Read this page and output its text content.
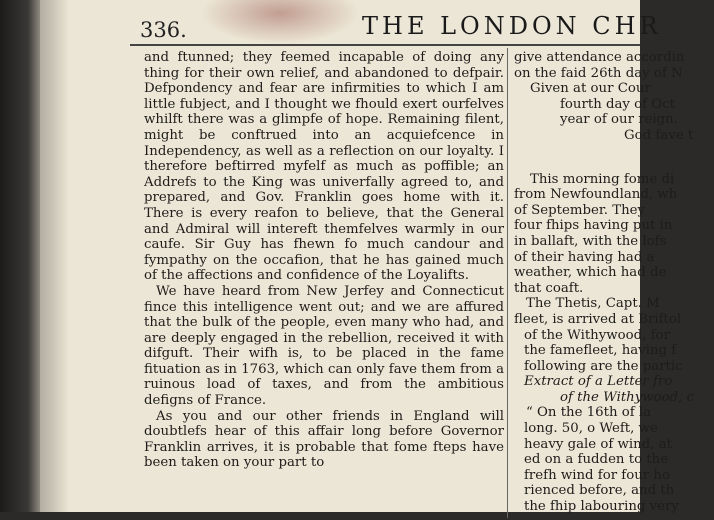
336.	THE LONDON CHR

and ftunned; they feemed incapable of doing any thing for their own relief, and abandoned to defpair. Defpondency and fear are infirmities to which I am little fubject, and I thought we fhould exert ourfelves whilft there was a glimpfe of hope. Remaining filent, might be conftrued into an acquiefcence in Independency, as well as a reflection on our loyalty. I therefore beftirred myfelf as much as poffible; an Addrefs to the King was univerfally agreed to, and prepared, and Gov. Franklin goes home with it. There is every reafon to believe, that the General and Admiral will intereft themfelves warmly in our caufe. Sir Guy has fhewn fo much candour and fympathy on the occafion, that he has gained much of the affections and confidence of the Loyalifts.

We have heard from New Jerfey and Connecticut fince this intelligence went out; and we are affured that the bulk of the people, even many who had, and are deeply engaged in the rebellion, received it with difguft. Their wifh is, to be placed in the fame fituation as in 1763, which can only fave them from a ruinous load of taxes, and from the ambitious defigns of France.

As you and our other friends in England will doubtlefs hear of this affair long before Governor Franklin arrives, it is probable that fome fteps have been taken on your part to

give attendance accordin
on the faid 26th day of N
Given at our Cour
fourth day of Oct
year of our reign.
God fave t
This morning fome di
from Newfoundland, wh
of September. They
four fhips having put in
in ballaft, with the lofs
of their having had a
weather, which had de
that coaft.
The Thetis, Capt. M
fleet, is arrived at Briftol
of the Withywood, for
the famefleet, having f
following are the partic
Extract of a Letter fro
of the Withywood, c
“ On the 16th of la
long. 50, o Weft, we
heavy gale of wind, at
ed on a fudden to the
frefh wind for four ho
rienced before, and th
the fhip labouring very
